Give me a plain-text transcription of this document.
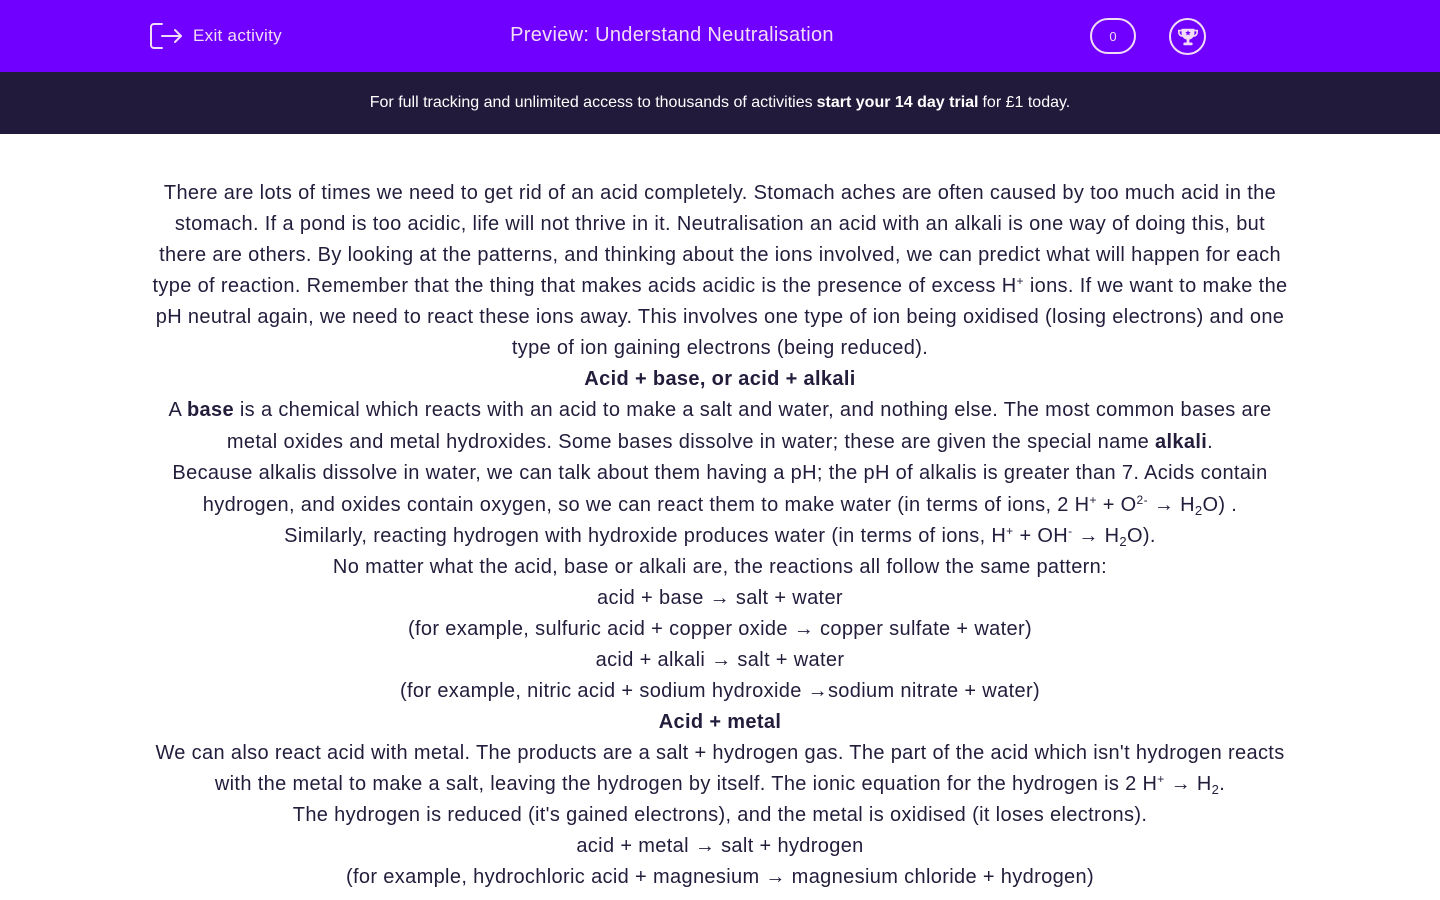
Exit activity	Preview: Understand Neutralisation	0
For full tracking and unlimited access to thousands of activities start your 14 day trial for £1 today.

There are lots of times we need to get rid of an acid completely. Stomach aches are often caused by too much acid in the stomach. If a pond is too acidic, life will not thrive in it. Neutralisation an acid with an alkali is one way of doing this, but there are others. By looking at the patterns, and thinking about the ions involved, we can predict what will happen for each type of reaction. Remember that the thing that makes acids acidic is the presence of excess H+ ions. If we want to make the pH neutral again, we need to react these ions away. This involves one type of ion being oxidised (losing electrons) and one type of ion gaining electrons (being reduced).

Acid + base, or acid + alkali

A base is a chemical which reacts with an acid to make a salt and water, and nothing else. The most common bases are metal oxides and metal hydroxides. Some bases dissolve in water; these are given the special name alkali.

Because alkalis dissolve in water, we can talk about them having a pH; the pH of alkalis is greater than 7. Acids contain hydrogen, and oxides contain oxygen, so we can react them to make water (in terms of ions, 2 $H^+ + O^{2-} \to H_2O$) .

Similarly, reacting hydrogen with hydroxide produces water (in terms of ions, $H^+ + OH^- \to H_2O$).

No matter what the acid, base or alkali are, the reactions all follow the same pattern:

acid + base → salt + water

(for example, sulfuric acid + copper oxide → copper sulfate + water)

acid + alkali → salt + water

(for example, nitric acid + sodium hydroxide →sodium nitrate + water)

Acid + metal

We can also react acid with metal. The products are a salt + hydrogen gas. The part of the acid which isn't hydrogen reacts with the metal to make a salt, leaving the hydrogen by itself. The ionic equation for the hydrogen is 2 $H^+ \to H_2$.

The hydrogen is reduced (it's gained electrons), and the metal is oxidised (it loses electrons).

acid + metal → salt + hydrogen

(for example, hydrochloric acid + magnesium → magnesium chloride + hydrogen)
